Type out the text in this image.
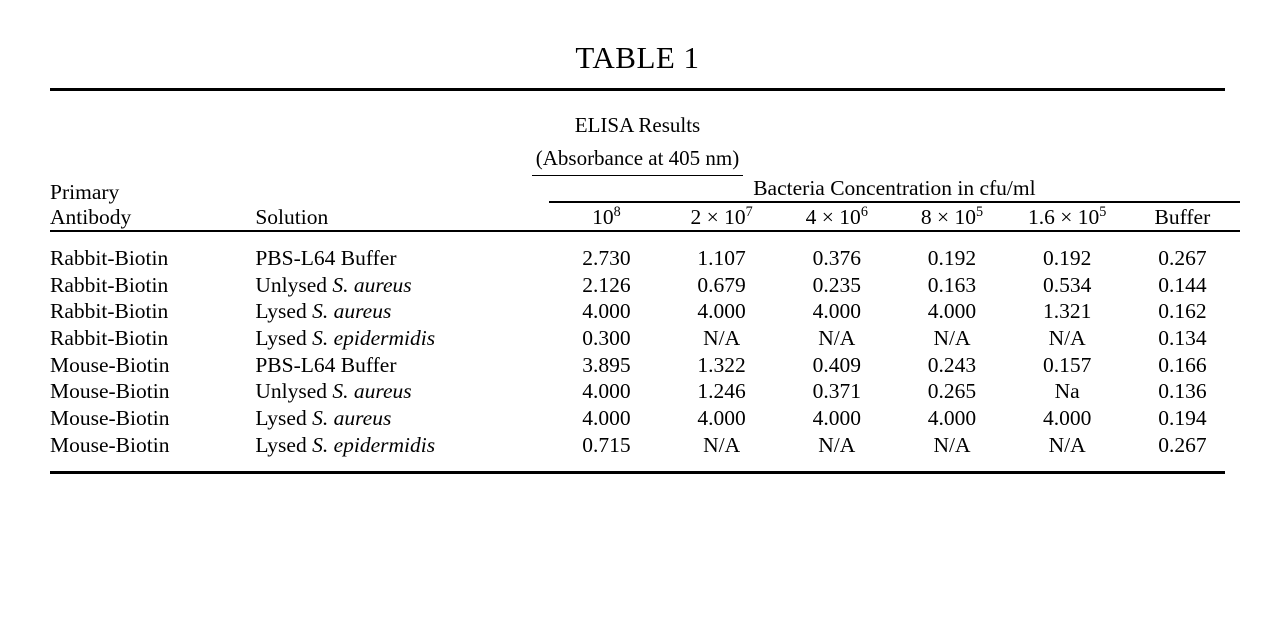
TABLE 1
ELISA Results
(Absorbance at 405 nm)
Primary		Bacteria Concentration in cfu/ml					

Antibody	Solution	$10^8$	$2 \times 10^7$	$4 \times 10^6$	$8 \times 10^5$	$1.6 \times 10^5$	Buffer

Rabbit-Biotin	PBS-L64 Buffer	2.730	1.107	0.376	0.192	0.192	0.267
Rabbit-Biotin	Unlysed S. aureus	2.126	0.679	0.235	0.163	0.534	0.144
Rabbit-Biotin	Lysed S. aureus	4.000	4.000	4.000	4.000	1.321	0.162
Rabbit-Biotin	Lysed S. epidermidis	0.300	N/A	N/A	N/A	N/A	0.134
Mouse-Biotin	PBS-L64 Buffer	3.895	1.322	0.409	0.243	0.157	0.166
Mouse-Biotin	Unlysed S. aureus	4.000	1.246	0.371	0.265	Na	0.136
Mouse-Biotin	Lysed S. aureus	4.000	4.000	4.000	4.000	4.000	0.194
Mouse-Biotin	Lysed S. epidermidis	0.715	N/A	N/A	N/A	N/A	0.267
